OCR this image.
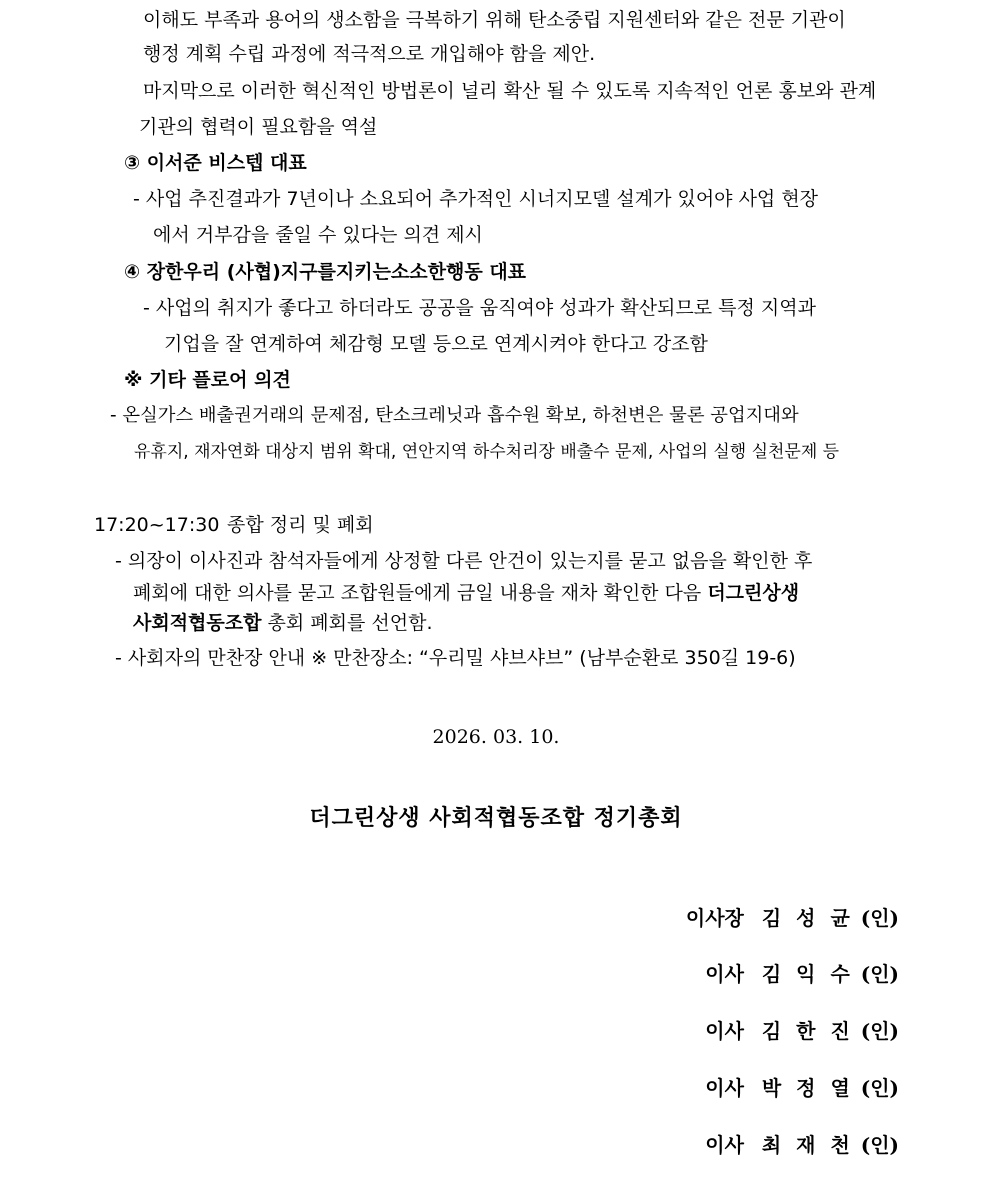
이해도 부족과 용어의 생소함을 극복하기 위해 탄소중립 지원센터와 같은 전문 기관이
행정 계획 수립 과정에 적극적으로 개입해야 함을 제안.
마지막으로 이러한 혁신적인 방법론이 널리 확산 될 수 있도록 지속적인 언론 홍보와 관계
기관의 협력이 필요함을 역설
③ 이서준 비스텝 대표
- 사업 추진결과가 7년이나 소요되어 추가적인 시너지모델 설계가 있어야 사업 현장
에서 거부감을 줄일 수 있다는 의견 제시
④ 장한우리 (사협)지구를지키는소소한행동 대표
- 사업의 취지가 좋다고 하더라도 공공을 움직여야 성과가 확산되므로 특정 지역과
기업을 잘 연계하여 체감형 모델 등으로 연계시켜야 한다고 강조함
※ 기타 플로어 의견
- 온실가스 배출권거래의 문제점, 탄소크레닛과 흡수원 확보, 하천변은 물론 공업지대와
유휴지, 재자연화 대상지 범위 확대, 연안지역 하수처리장 배출수 문제, 사업의 실행 실천문제 등
17:20~17:30 종합 정리 및 폐회
- 의장이 이사진과 참석자들에게 상정할 다른 안건이 있는지를 묻고 없음을 확인한 후
폐회에 대한 의사를 묻고 조합원들에게 금일 내용을 재차 확인한 다음 더그린상생
사회적협동조합 총회 폐회를 선언함.
- 사회자의 만찬장 안내 ※ 만찬장소: “우리밀 샤브샤브” (남부순환로 350길 19-6)
2026. 03. 10.
더그린상생 사회적협동조합 정기총회
이사장 김 성 균 (인)
이사 김 익 수 (인)
이사 김 한 진 (인)
이사 박 정 열 (인)
이사 최 재 천 (인)
